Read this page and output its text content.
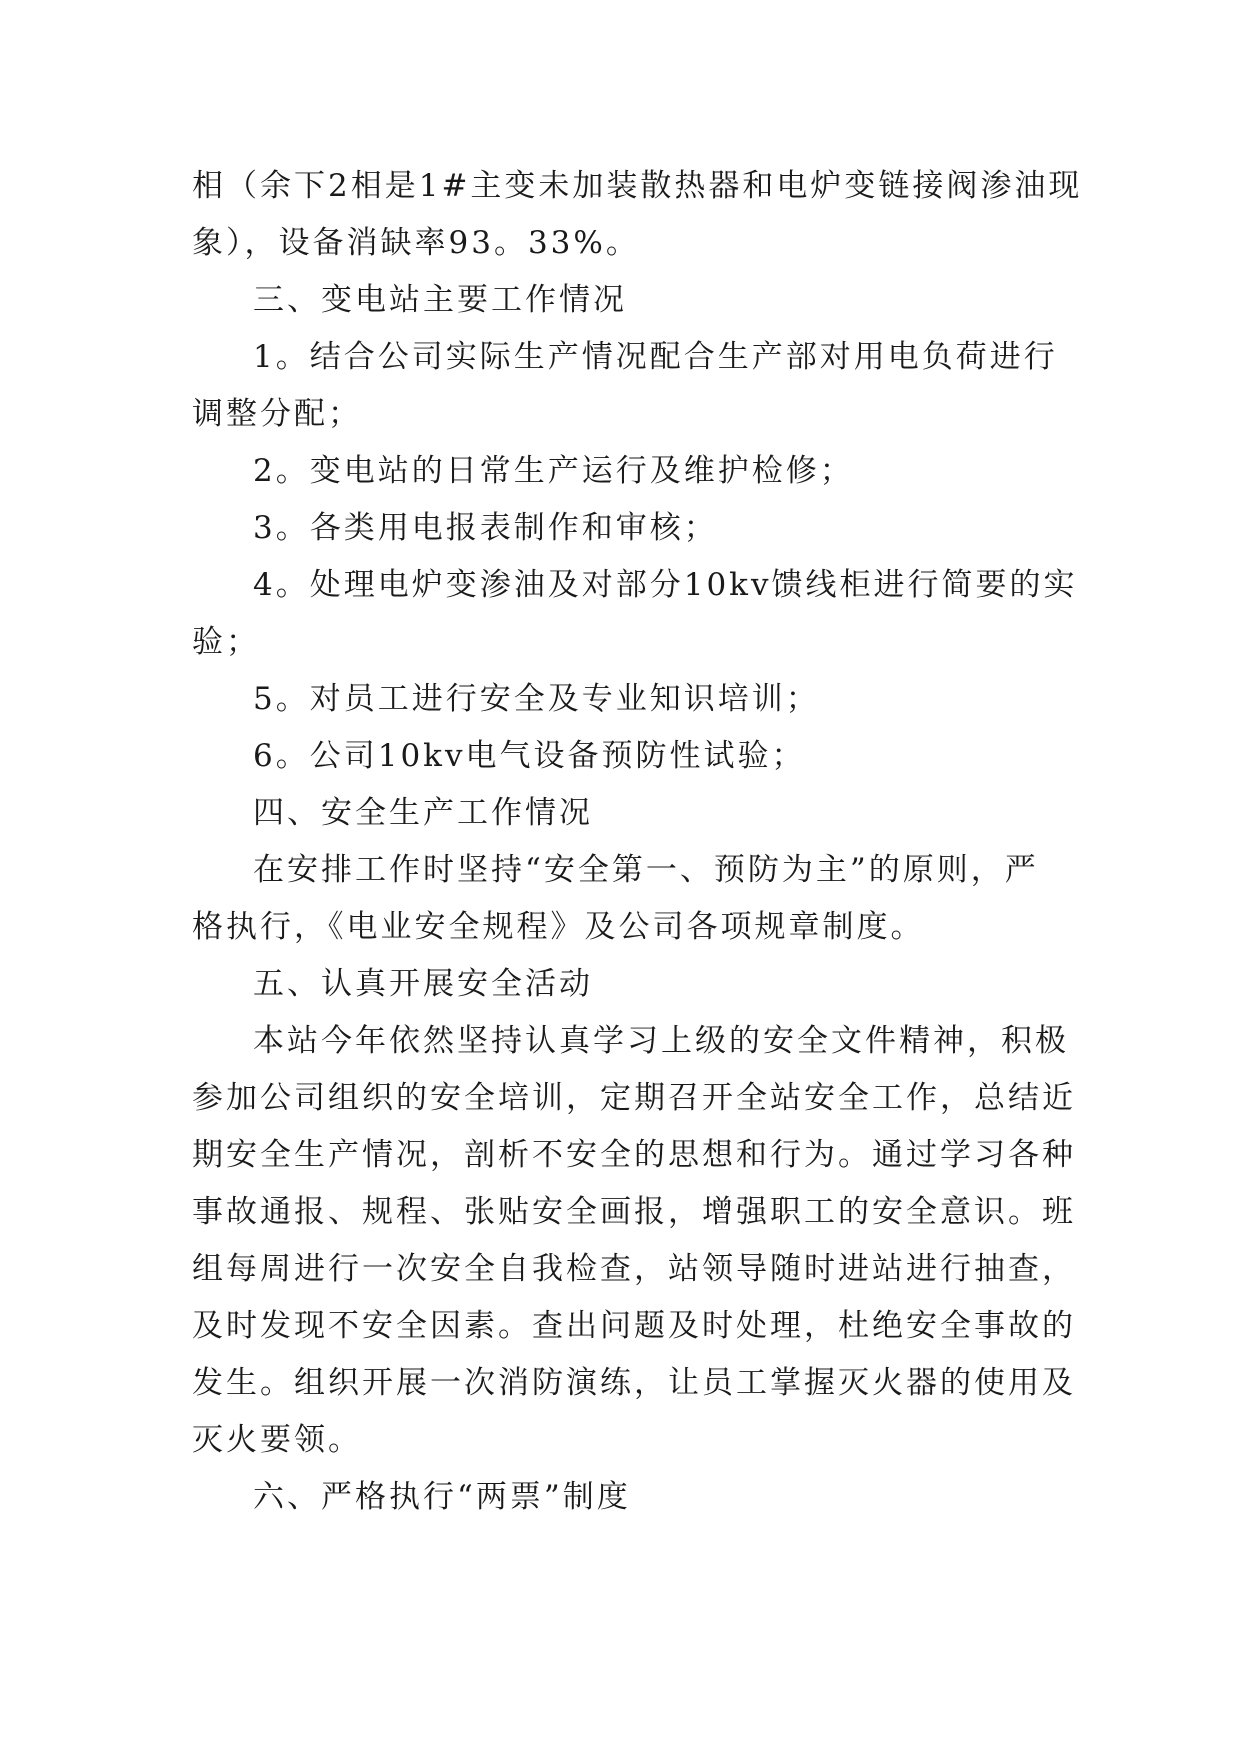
相（余下2相是1#主变未加装散热器和电炉变链接阀渗油现
象），设备消缺率93。33%。
三、变电站主要工作情况
1。结合公司实际生产情况配合生产部对用电负荷进行
调整分配；
2。变电站的日常生产运行及维护检修；
3。各类用电报表制作和审核；
4。处理电炉变渗油及对部分10kv馈线柜进行简要的实
验；
5。对员工进行安全及专业知识培训；
6。公司10kv电气设备预防性试验；
四、安全生产工作情况
在安排工作时坚持“安全第一、预防为主”的原则，严
格执行，《电业安全规程》及公司各项规章制度。
五、认真开展安全活动
本站今年依然坚持认真学习上级的安全文件精神，积极
参加公司组织的安全培训，定期召开全站安全工作，总结近
期安全生产情况，剖析不安全的思想和行为。通过学习各种
事故通报、规程、张贴安全画报，增强职工的安全意识。班
组每周进行一次安全自我检查，站领导随时进站进行抽查，
及时发现不安全因素。查出问题及时处理，杜绝安全事故的
发生。组织开展一次消防演练，让员工掌握灭火器的使用及
灭火要领。
六、严格执行“两票”制度
